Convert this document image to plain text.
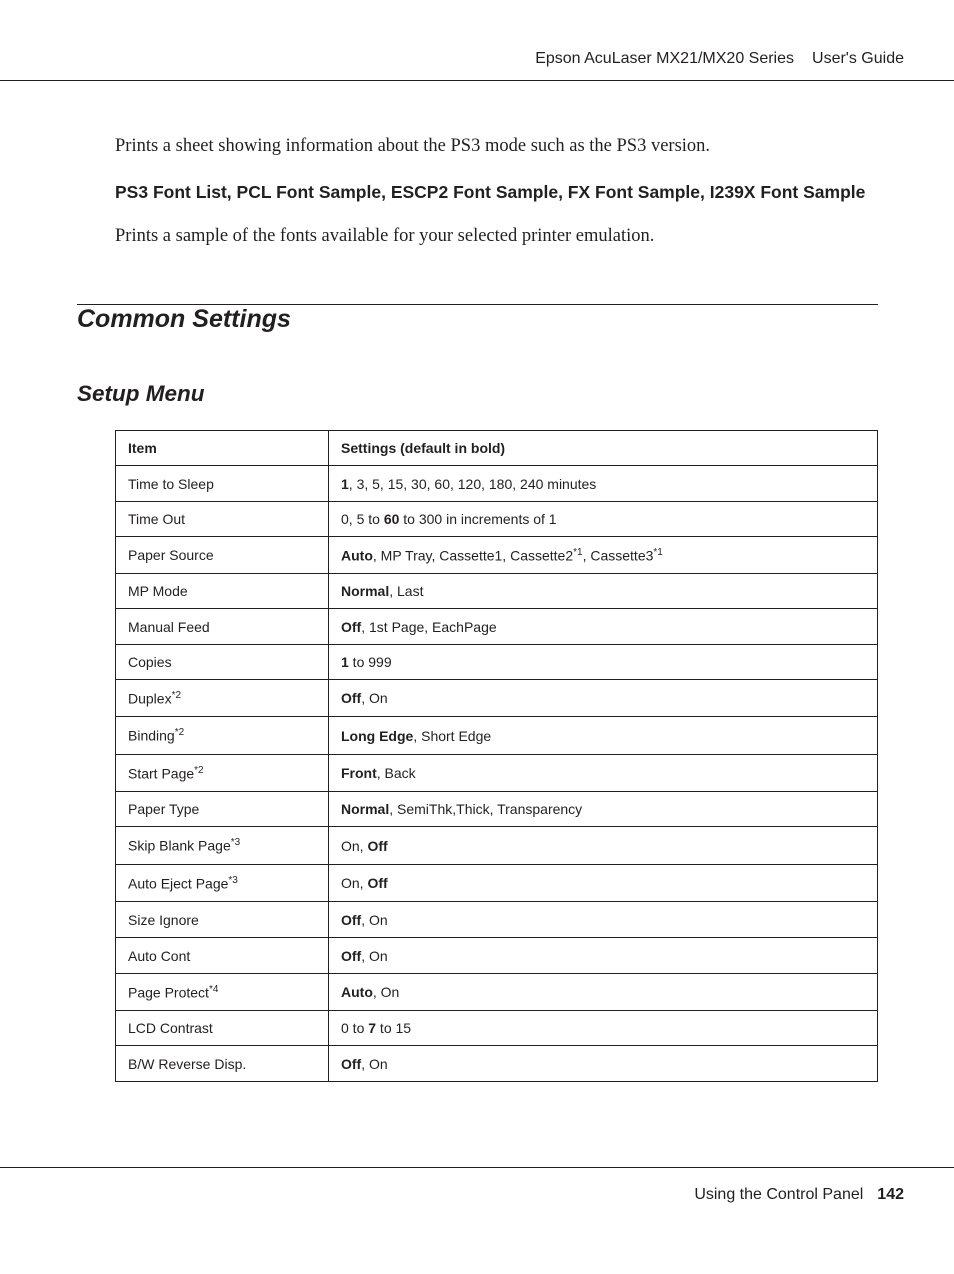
Epson AcuLaser MX21/MX20 Series User's Guide
Prints a sheet showing information about the PS3 mode such as the PS3 version.
PS3 Font List, PCL Font Sample, ESCP2 Font Sample, FX Font Sample, I239X Font Sample
Prints a sample of the fonts available for your selected printer emulation.
Common Settings
Setup Menu
Item	Settings (default in bold)
Time to Sleep	1, 3, 5, 15, 30, 60, 120, 180, 240 minutes
Time Out	0, 5 to 60 to 300 in increments of 1
Paper Source	Auto, MP Tray, Cassette1, Cassette2$^{*1}$, Cassette3$^{*1}$
MP Mode	Normal, Last
Manual Feed	Off, 1st Page, EachPage
Copies	1 to 999
Duplex$^{*2}$	Off, On
Binding$^{*2}$	Long Edge, Short Edge
Start Page$^{*2}$	Front, Back
Paper Type	Normal, SemiThk,Thick, Transparency
Skip Blank Page$^{*3}$	On, Off
Auto Eject Page$^{*3}$	On, Off
Size Ignore	Off, On
Auto Cont	Off, On
Page Protect$^{*4}$	Auto, On
LCD Contrast	0 to 7 to 15
B/W Reverse Disp.	Off, On
Using the Control Panel 142
